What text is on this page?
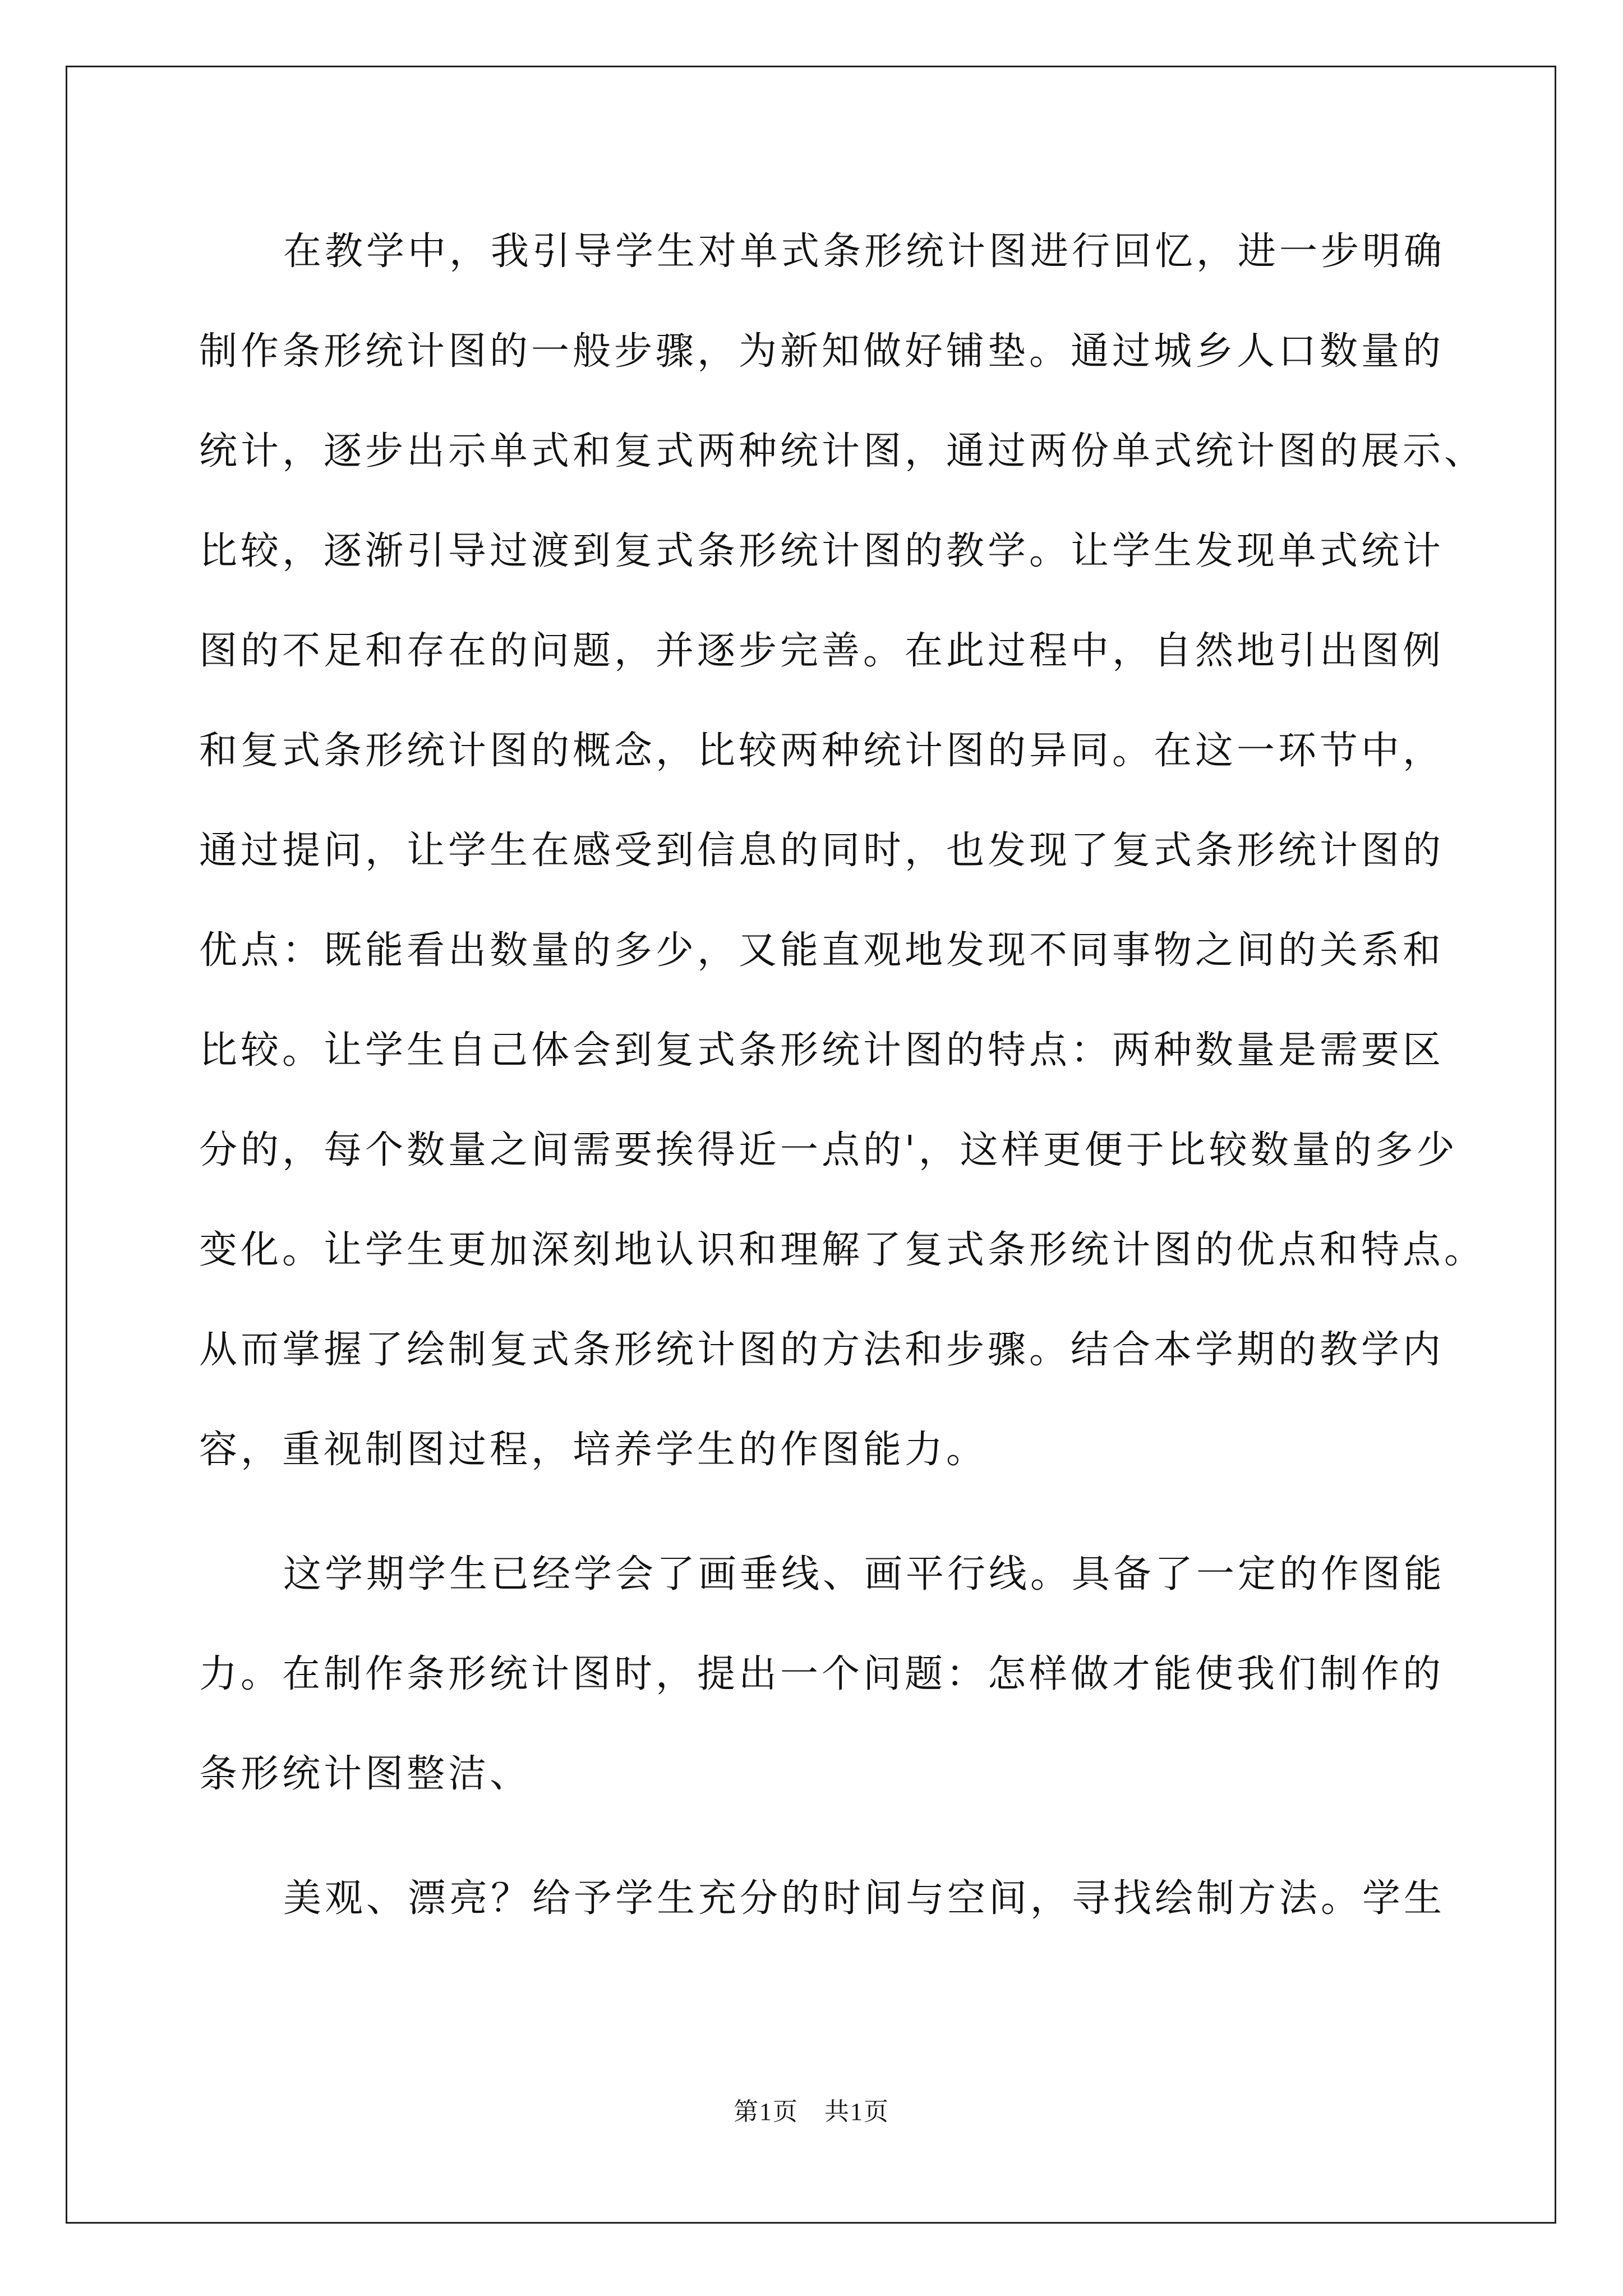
在教学中，我引导学生对单式条形统计图进行回忆，进一步明确
制作条形统计图的一般步骤，为新知做好铺垫。通过城乡人口数量的
统计，逐步出示单式和复式两种统计图，通过两份单式统计图的展示、
比较，逐渐引导过渡到复式条形统计图的教学。让学生发现单式统计
图的不足和存在的问题，并逐步完善。在此过程中，自然地引出图例
和复式条形统计图的概念，比较两种统计图的异同。在这一环节中，
通过提问，让学生在感受到信息的同时，也发现了复式条形统计图的
优点：既能看出数量的多少，又能直观地发现不同事物之间的关系和
比较。让学生自己体会到复式条形统计图的特点：两种数量是需要区
分的，每个数量之间需要挨得近一点的'，这样更便于比较数量的多少
变化。让学生更加深刻地认识和理解了复式条形统计图的优点和特点。
从而掌握了绘制复式条形统计图的方法和步骤。结合本学期的教学内
容，重视制图过程，培养学生的作图能力。
这学期学生已经学会了画垂线、画平行线。具备了一定的作图能
力。在制作条形统计图时，提出一个问题：怎样做才能使我们制作的
条形统计图整洁、
美观、漂亮？给予学生充分的时间与空间，寻找绘制方法。学生
第1页　共1页
